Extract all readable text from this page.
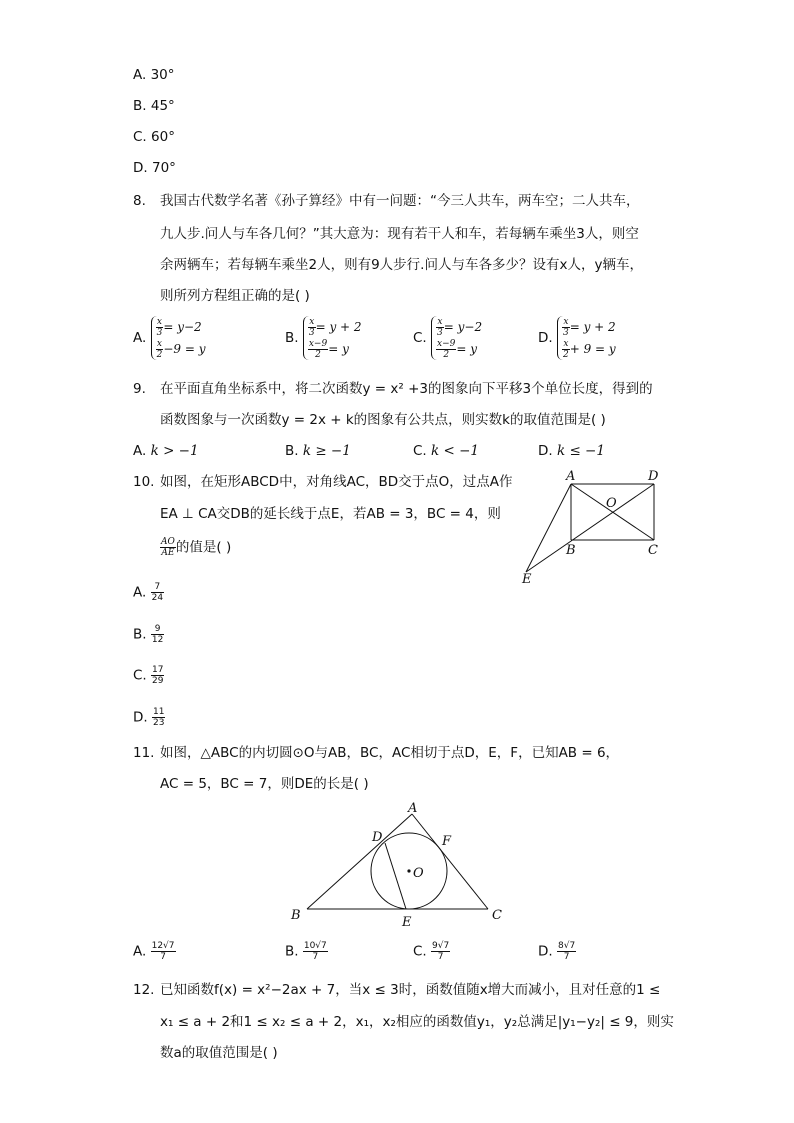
A. 30°
B. 45°
C. 60°
D. 70°
8. 我国古代数学名著《孙子算经》中有一问题：“今三人共车，两车空；二人共车，
九人步.问人与车各几何？”其大意为：现有若干人和车，若每辆车乘坐3人，则空
余两辆车；若每辆车乘坐2人，则有9人步行.问人与车各多少？设有x人，y辆车，
则所列方程组正确的是( )
A. $\frac{x}{3} = y-2$
$\frac{x}{2} -9 = y$
B. $\frac{x}{3} = y + 2$
$\frac{x-9}{2} = y$
C. $\frac{x}{3} = y-2$
$\frac{x-9}{2} = y$
D. $\frac{x}{3} = y + 2$
$\frac{x}{2} + 9 = y$
9. 在平面直角坐标系中，将二次函数y = x² +3的图象向下平移3个单位长度，得到的
函数图象与一次函数y = 2x + k的图象有公共点，则实数k的取值范围是( )
A. k > −1	B. k ≥ −1	C. k < −1	D. k ≤ −1
10. 如图，在矩形ABCD中，对角线AC，BD交于点O，过点A作
EA ⊥ CA交DB的延长线于点E，若AB = 3，BC = 4，则
$\frac{AO}{AE}$ 的值是( )
A	D
O
B	C
E
A. $\frac{7}{24}$
B. $\frac{9}{12}$
C. $\frac{17}{29}$
D. $\frac{11}{23}$
11. 如图，△ABC的内切圆⊙O与AB，BC，AC相切于点D，E，F，已知AB = 6，
AC = 5，BC = 7，则DE的长是( )
A
D	F
O
B	E	C
A. $\frac{12√7}{7}$	B. $\frac{10√7}{7}$	C. $\frac{9√7}{7}$	D. $\frac{8√7}{7}$
12. 已知函数f(x) = x²−2ax + 7，当x ≤ 3时，函数值随x增大而减小，且对任意的1 ≤
x₁ ≤ a + 2和1 ≤ x₂ ≤ a + 2，x₁，x₂相应的函数值y₁，y₂总满足|y₁−y₂| ≤ 9，则实
数a的取值范围是( )
